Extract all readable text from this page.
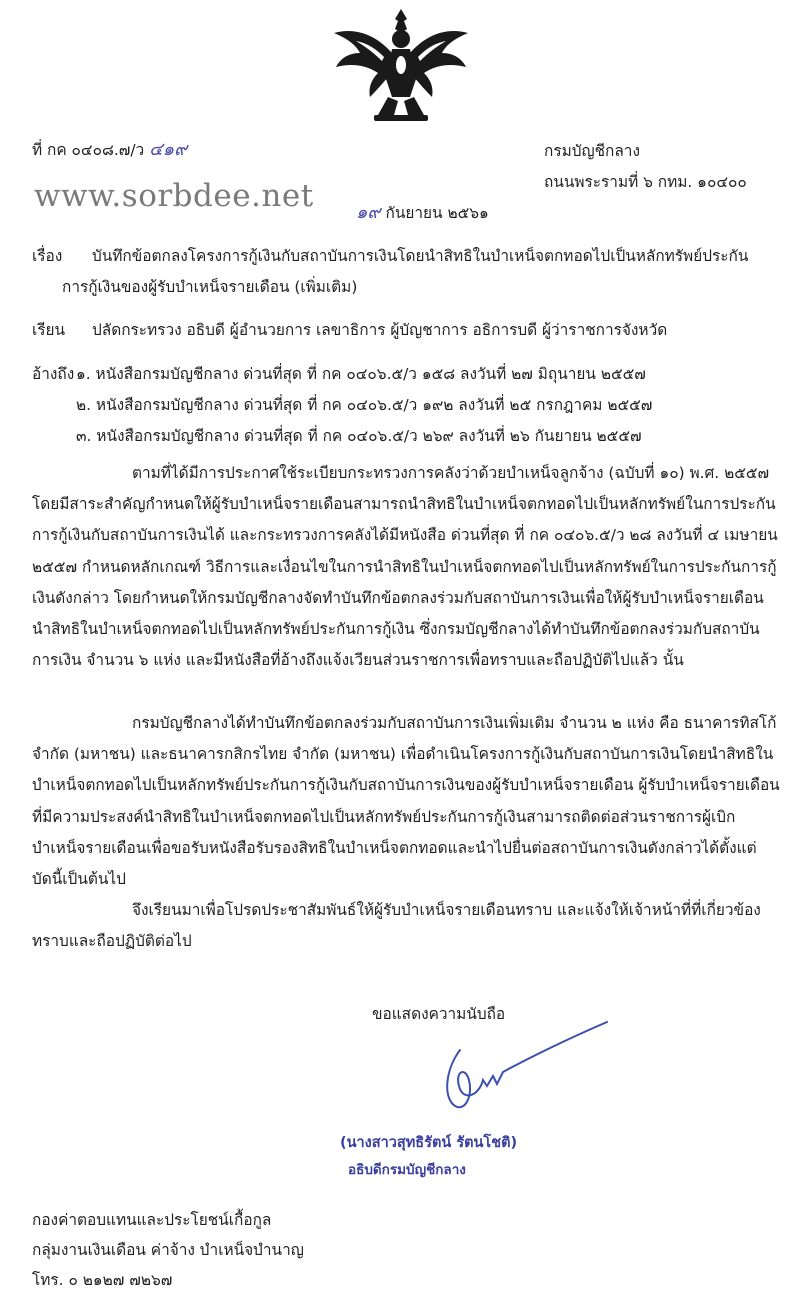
ที่ กค ๐๔๐๘.๗/ว ๔๑๙	กรมบัญชีกลาง
ถนนพระรามที่ ๖ กทม. ๑๐๔๐๐
www.sorbdee.net ๑๙ กันยายน ๒๕๖๑
เรื่อง บันทึกข้อตกลงโครงการกู้เงินกับสถาบันการเงินโดยนำสิทธิในบำเหน็จตกทอดไปเป็นหลักทรัพย์ประกัน
การกู้เงินของผู้รับบำเหน็จรายเดือน (เพิ่มเติม)
เรียน ปลัดกระทรวง อธิบดี ผู้อำนวยการ เลขาธิการ ผู้บัญชาการ อธิการบดี ผู้ว่าราชการจังหวัด
อ้างถึง ๑. หนังสือกรมบัญชีกลาง ด่วนที่สุด ที่ กค ๐๔๐๖.๕/ว ๑๕๘ ลงวันที่ ๒๗ มิถุนายน ๒๕๕๗
๒. หนังสือกรมบัญชีกลาง ด่วนที่สุด ที่ กค ๐๔๐๖.๕/ว ๑๙๒ ลงวันที่ ๒๕ กรกฎาคม ๒๕๕๗
๓. หนังสือกรมบัญชีกลาง ด่วนที่สุด ที่ กค ๐๔๐๖.๕/ว ๒๖๙ ลงวันที่ ๒๖ กันยายน ๒๕๕๗
ตามที่ได้มีการประกาศใช้ระเบียบกระทรวงการคลังว่าด้วยบำเหน็จลูกจ้าง (ฉบับที่ ๑๐) พ.ศ. ๒๕๕๗ โดยมีสาระสำคัญกำหนดให้ผู้รับบำเหน็จรายเดือนสามารถนำสิทธิในบำเหน็จตกทอดไปเป็นหลักทรัพย์ในการประกันการกู้เงินกับสถาบันการเงินได้ และกระทรวงการคลังได้มีหนังสือ ด่วนที่สุด ที่ กค ๐๔๐๖.๕/ว ๒๘ ลงวันที่ ๔ เมษายน ๒๕๕๗ กำหนดหลักเกณฑ์ วิธีการและเงื่อนไขในการนำสิทธิในบำเหน็จตกทอดไปเป็นหลักทรัพย์ในการประกันการกู้เงินดังกล่าว โดยกำหนดให้กรมบัญชีกลางจัดทำบันทึกข้อตกลงร่วมกับสถาบันการเงินเพื่อให้ผู้รับบำเหน็จรายเดือนนำสิทธิในบำเหน็จตกทอดไปเป็นหลักทรัพย์ประกันการกู้เงิน ซึ่งกรมบัญชีกลางได้ทำบันทึกข้อตกลงร่วมกับสถาบันการเงิน จำนวน ๖ แห่ง และมีหนังสือที่อ้างถึงแจ้งเวียนส่วนราชการเพื่อทราบและถือปฏิบัติไปแล้ว นั้น
กรมบัญชีกลางได้ทำบันทึกข้อตกลงร่วมกับสถาบันการเงินเพิ่มเติม จำนวน ๒ แห่ง คือ ธนาคารทิสโก้ จำกัด (มหาชน) และธนาคารกสิกรไทย จำกัด (มหาชน) เพื่อดำเนินโครงการกู้เงินกับสถาบันการเงินโดยนำสิทธิในบำเหน็จตกทอดไปเป็นหลักทรัพย์ประกันการกู้เงินกับสถาบันการเงินของผู้รับบำเหน็จรายเดือน ผู้รับบำเหน็จรายเดือนที่มีความประสงค์นำสิทธิในบำเหน็จตกทอดไปเป็นหลักทรัพย์ประกันการกู้เงินสามารถติดต่อส่วนราชการผู้เบิกบำเหน็จรายเดือนเพื่อขอรับหนังสือรับรองสิทธิในบำเหน็จตกทอดและนำไปยื่นต่อสถาบันการเงินดังกล่าวได้ตั้งแต่บัดนี้เป็นต้นไป
จึงเรียนมาเพื่อโปรดประชาสัมพันธ์ให้ผู้รับบำเหน็จรายเดือนทราบ และแจ้งให้เจ้าหน้าที่ที่เกี่ยวข้องทราบและถือปฏิบัติต่อไป
ขอแสดงความนับถือ
(นางสาวสุทธิรัตน์ รัตนโชติ)
อธิบดีกรมบัญชีกลาง
กองค่าตอบแทนและประโยชน์เกื้อกูล
กลุ่มงานเงินเดือน ค่าจ้าง บำเหน็จบำนาญ
โทร. ๐ ๒๑๒๗ ๗๒๖๗
